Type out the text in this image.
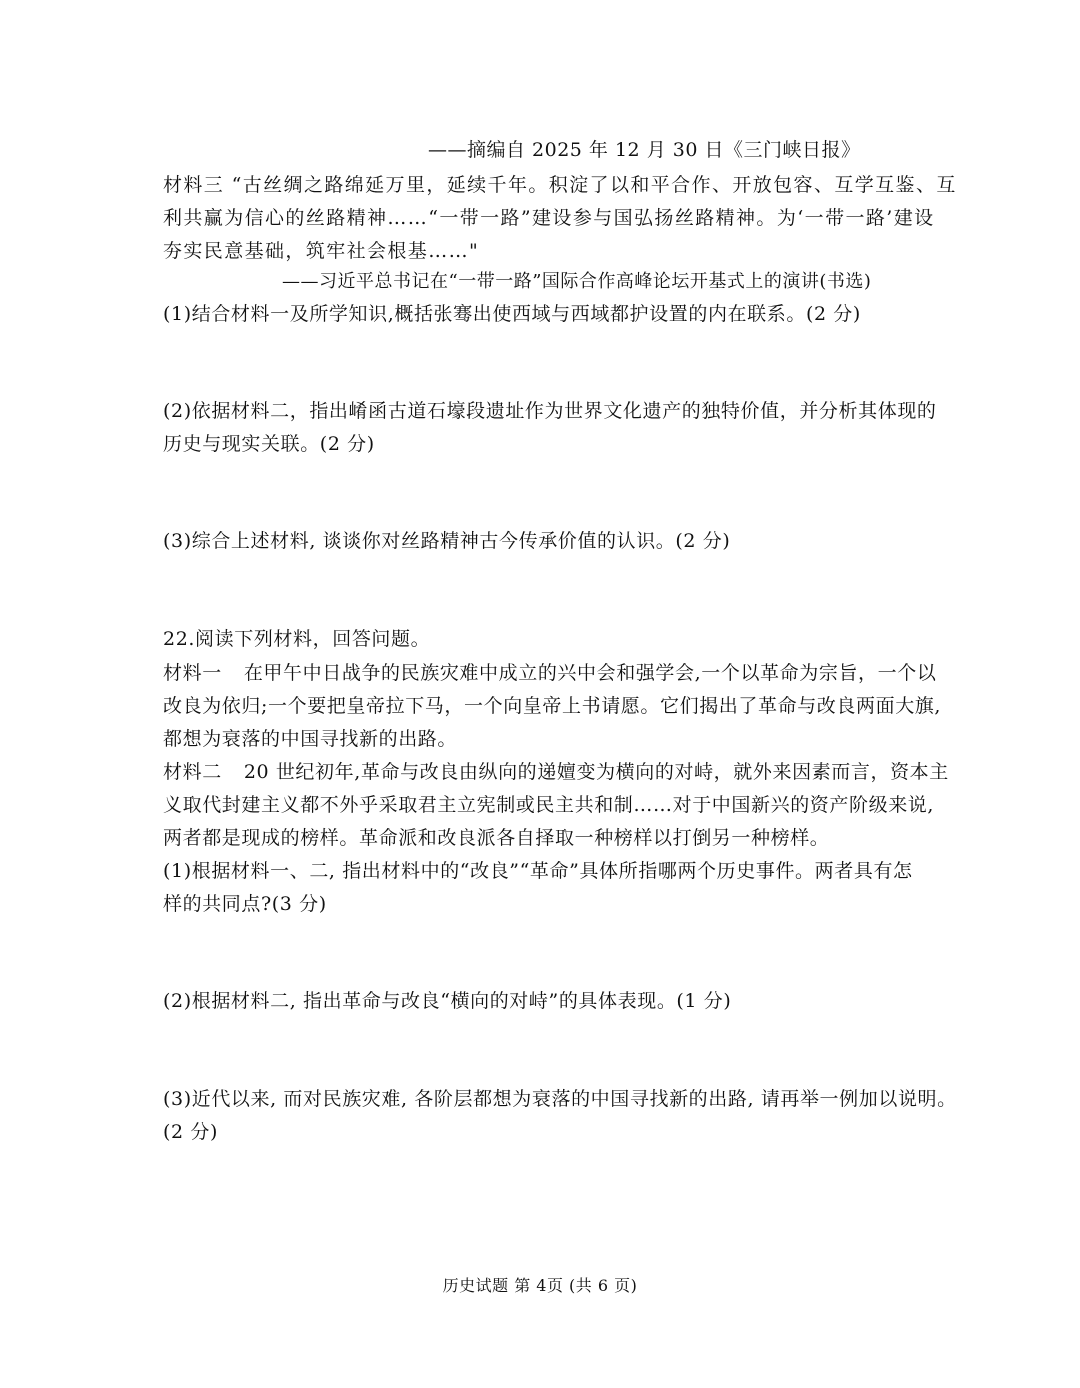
——摘编自 2025 年 12 月 30 日《三门峡日报》
材料三 “古丝绸之路绵延万里，延续千年。积淀了以和平合作、开放包容、互学互鉴、互
利共赢为信心的丝路精神……“一带一路”建设参与国弘扬丝路精神。为‘一带一路’建设
夯实民意基础，筑牢社会根基……"
——习近平总书记在“一带一路”国际合作高峰论坛开基式上的演讲(书选)
(1)结合材料一及所学知识,概括张骞出使西域与西域都护设置的内在联系。(2 分)
(2)依据材料二，指出崤函古道石壕段遗址作为世界文化遗产的独特价值，并分析其体现的
历史与现实关联。(2 分)
(3)综合上述材料, 谈谈你对丝路精神古今传承价值的认识。(2 分)
22.阅读下列材料，回答问题。
材料一 在甲午中日战争的民族灾难中成立的兴中会和强学会,一个以革命为宗旨，一个以
改良为依归;一个要把皇帝拉下马，一个向皇帝上书请愿。它们揭出了革命与改良两面大旗,
都想为衰落的中国寻找新的出路。
材料二 20 世纪初年,革命与改良由纵向的递嬗变为横向的对峙，就外来因素而言，资本主
义取代封建主义都不外乎采取君主立宪制或民主共和制……对于中国新兴的资产阶级来说,
两者都是现成的榜样。革命派和改良派各自择取一种榜样以打倒另一种榜样。
(1)根据材料一、二, 指出材料中的“改良”“革命”具体所指哪两个历史事件。两者具有怎
样的共同点?(3 分)
(2)根据材料二, 指出革命与改良“横向的对峙”的具体表现。(1 分)
(3)近代以来, 而对民族灾难, 各阶层都想为衰落的中国寻找新的出路, 请再举一例加以说明。
(2 分)
历史试题 第 4页 (共 6 页)
